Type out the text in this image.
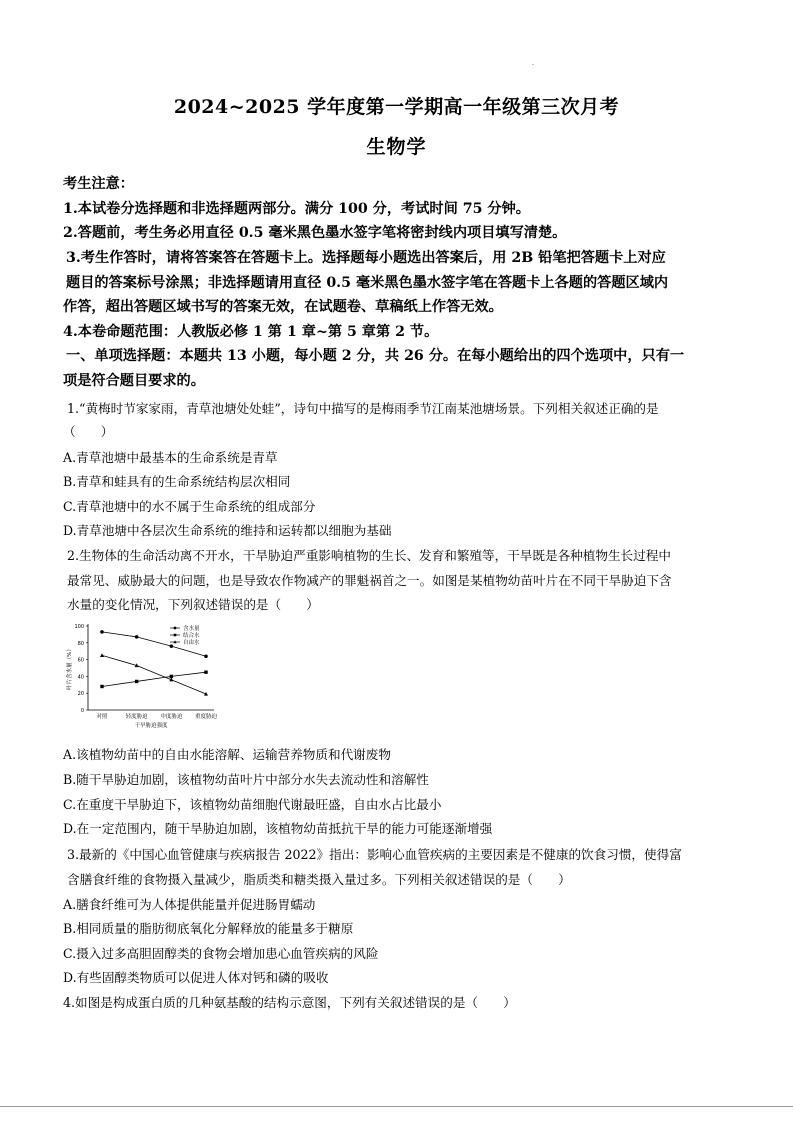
.
2024~2025 学年度第一学期高一年级第三次月考
生物学
考生注意：
1.本试卷分选择题和非选择题两部分。满分 100 分，考试时间 75 分钟。
2.答题前，考生务必用直径 0.5 毫米黑色墨水签字笔将密封线内项目填写清楚。
3.考生作答时，请将答案答在答题卡上。选择题每小题选出答案后，用 2B 铅笔把答题卡上对应
题目的答案标号涂黑；非选择题请用直径 0.5 毫米黑色墨水签字笔在答题卡上各题的答题区域内
作答，超出答题区域书写的答案无效，在试题卷、草稿纸上作答无效。
4.本卷命题范围：人教版必修 1 第 1 章~第 5 章第 2 节。
一、单项选择题：本题共 13 小题，每小题 2 分，共 26 分。在每小题给出的四个选项中，只有一
项是符合题目要求的。
1.“黄梅时节家家雨，青草池塘处处蛙”，诗句中描写的是梅雨季节江南某池塘场景。下列相关叙述正确的是
（　　）
A.青草池塘中最基本的生命系统是青草
B.青草和蛙具有的生命系统结构层次相同
C.青草池塘中的水不属于生命系统的组成部分
D.青草池塘中各层次生命系统的维持和运转都以细胞为基础
2.生物体的生命活动离不开水，干旱胁迫严重影响植物的生长、发育和繁殖等，干旱既是各种植物生长过程中
最常见、威胁最大的问题，也是导致农作物减产的罪魁祸首之一。如图是某植物幼苗叶片在不同干旱胁迫下含
水量的变化情况，下列叙述错误的是（　　）
0
20
40
60
80
100
叶片含水量（%）
对照	轻度胁迫 中度胁迫 重度胁迫
干旱胁迫强度
含水量
结合水
自由水
A.该植物幼苗中的自由水能溶解、运输营养物质和代谢废物
B.随干旱胁迫加剧，该植物幼苗叶片中部分水失去流动性和溶解性
C.在重度干旱胁迫下，该植物幼苗细胞代谢最旺盛，自由水占比最小
D.在一定范围内，随干旱胁迫加剧，该植物幼苗抵抗干旱的能力可能逐渐增强
3.最新的《中国心血管健康与疾病报告 2022》指出：影响心血管疾病的主要因素是不健康的饮食习惯，使得富
含膳食纤维的食物摄入量减少，脂质类和糖类摄入量过多。下列相关叙述错误的是（　　）
A.膳食纤维可为人体提供能量并促进肠胃蠕动
B.相同质量的脂肪彻底氧化分解释放的能量多于糖原
C.摄入过多高胆固醇类的食物会增加患心血管疾病的风险
D.有些固醇类物质可以促进人体对钙和磷的吸收
4.如图是构成蛋白质的几种氨基酸的结构示意图，下列有关叙述错误的是（　　）
